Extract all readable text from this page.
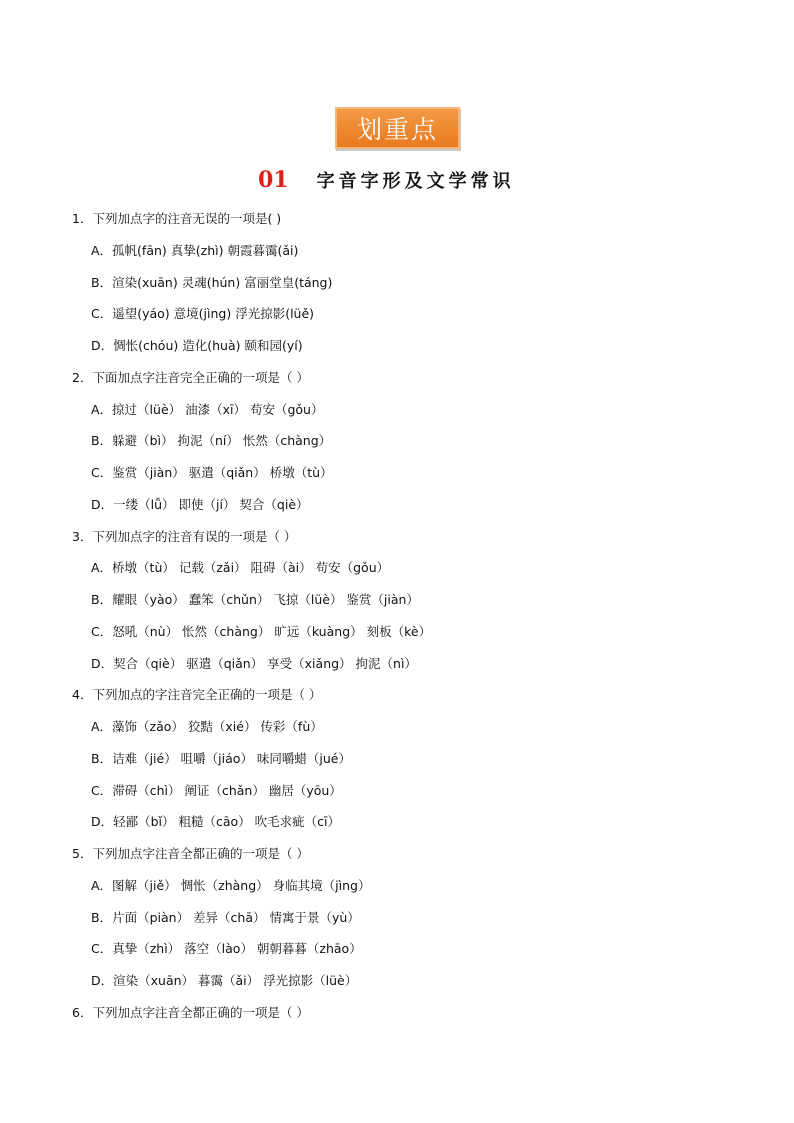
划重点
01 字音字形及文学常识
1．下列加点字的注音无误的一项是( )
A．孤帆(fān) 真挚(zhì) 朝霞暮霭(ǎi)
B．渲染(xuān) 灵魂(hún) 富丽堂皇(táng)
C．遥望(yáo) 意境(jìng) 浮光掠影(lüě)
D．惆怅(chóu) 造化(huà) 颐和园(yí)
2．下面加点字注音完全正确的一项是（ ）
A．掠过（lüè） 油漆（xī） 苟安（gǒu）
B．躲避（bì） 拘泥（ní） 怅然（chàng）
C．鉴赏（jiàn） 驱遣（qiǎn） 桥墩（tù）
D．一缕（lǚ） 即使（jí） 契合（qiè）
3．下列加点字的注音有误的一项是（ ）
A．桥墩（tù） 记载（zǎi） 阻碍（ài） 苟安（gǒu）
B．耀眼（yào） 蠢笨（chǔn） 飞掠（lüè） 鉴赏（jiàn）
C．怒吼（nù） 怅然（chàng） 旷远（kuàng） 刻板（kè）
D．契合（qiè） 驱遣（qiǎn） 享受（xiǎng） 拘泥（nì）
4．下列加点的字注音完全正确的一项是（ ）
A．藻饰（zǎo） 狡黠（xié） 传彩（fù）
B．诘难（jié） 咀嚼（jiáo） 味同嚼蜡（jué）
C．滞碍（chì） 阐证（chǎn） 幽居（yōu）
D．轻鄙（bǐ） 粗糙（cāo） 吹毛求疵（cī）
5．下列加点字注音全都正确的一项是（ ）
A．图解（jiě） 惆怅（zhàng） 身临其境（jìng）
B．片面（piàn） 差异（chā） 情寓于景（yù）
C．真挚（zhì） 落空（lào） 朝朝暮暮（zhāo）
D．渲染（xuān） 暮霭（ǎi） 浮光掠影（lüè）
6．下列加点字注音全都正确的一项是（ ）
